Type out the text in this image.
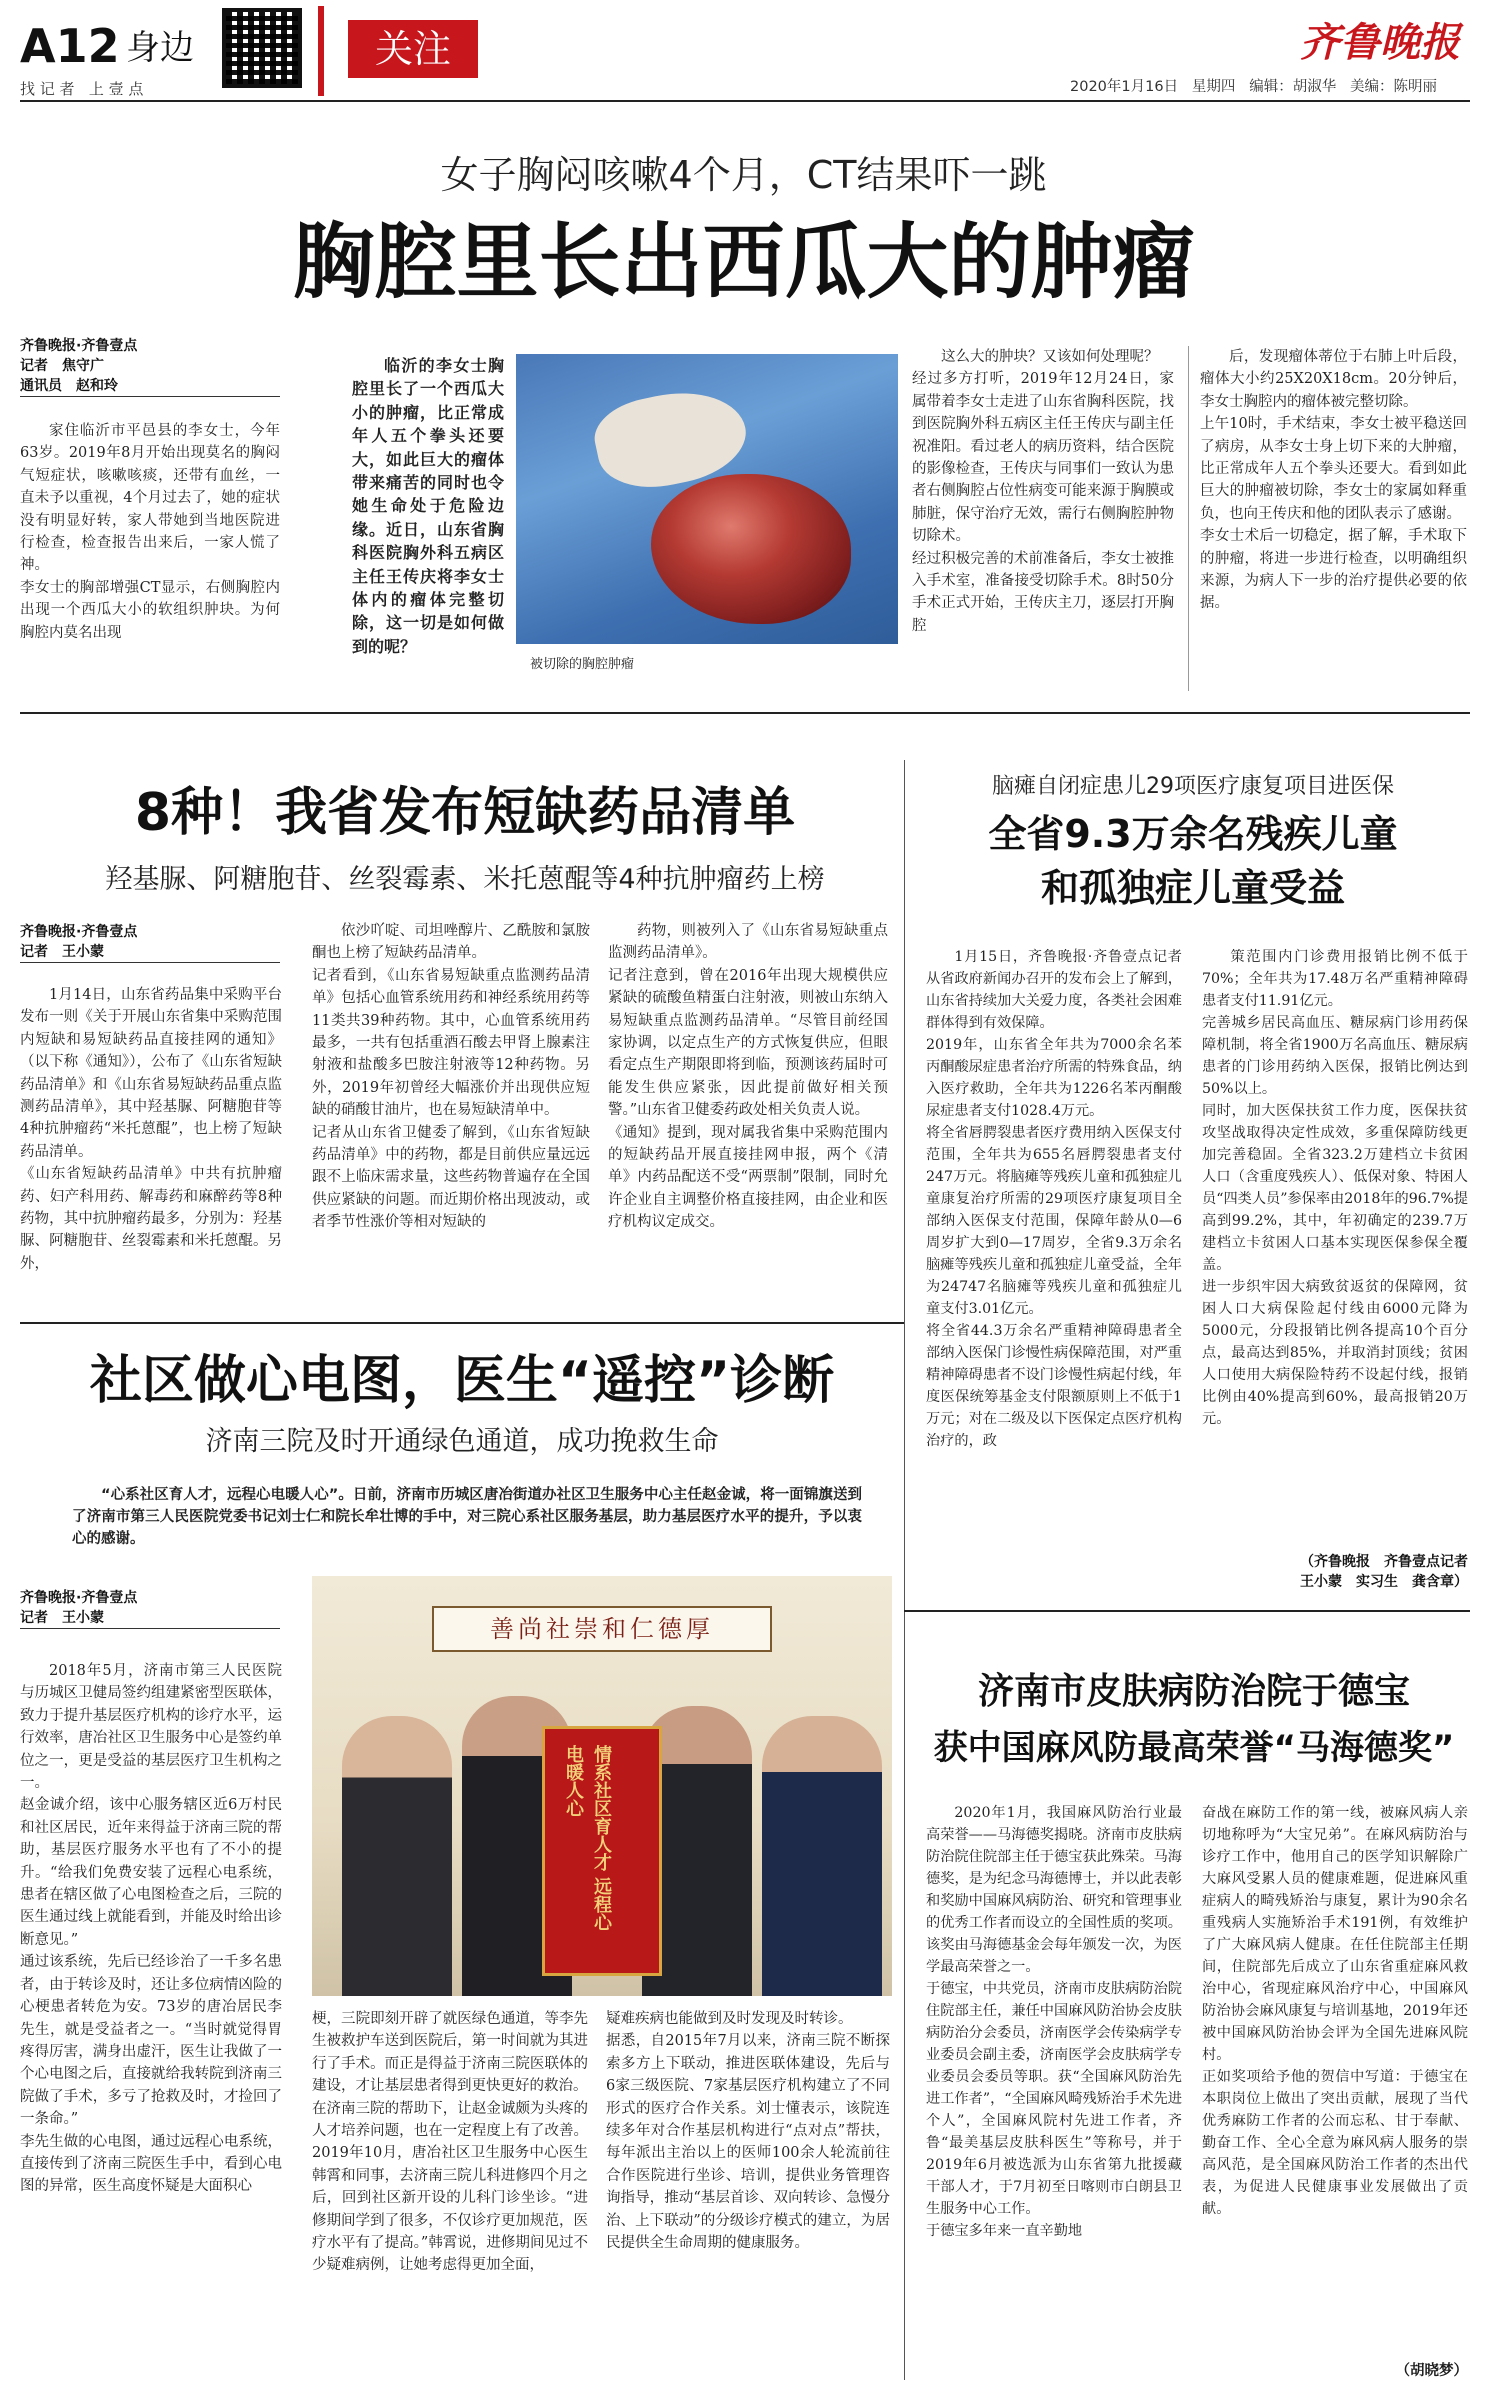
A12 身边
找 记 者   上 壹 点
关注	齐鲁晚报
2020年1月16日   星期四   编辑：胡淑华   美编：陈明丽
女子胸闷咳嗽4个月，CT结果吓一跳
胸腔里长出西瓜大的肿瘤
齐鲁晚报·齐鲁壹点
记者　焦守广
通讯员　赵和玲
家住临沂市平邑县的李女士，今年63岁。2019年8月开始出现莫名的胸闷气短症状，咳嗽咳痰，还带有血丝，一直未予以重视，4个月过去了，她的症状没有明显好转，家人带她到当地医院进行检查，检查报告出来后，一家人慌了神。
李女士的胸部增强CT显示，右侧胸腔内出现一个西瓜大小的软组织肿块。为何胸腔内莫名出现
临沂的李女士胸腔里长了一个西瓜大小的肿瘤，比正常成年人五个拳头还要大，如此巨大的瘤体带来痛苦的同时也令她生命处于危险边缘。近日，山东省胸科医院胸外科五病区主任王传庆将李女士体内的瘤体完整切除，这一切是如何做到的呢？
被切除的胸腔肿瘤
这么大的肿块？又该如何处理呢？
经过多方打听，2019年12月24日，家属带着李女士走进了山东省胸科医院，找到医院胸外科五病区主任王传庆与副主任祝准阳。看过老人的病历资料，结合医院的影像检查，王传庆与同事们一致认为患者右侧胸腔占位性病变可能来源于胸膜或肺脏，保守治疗无效，需行右侧胸腔肿物切除术。
经过积极完善的术前准备后，李女士被推入手术室，准备接受切除手术。8时50分手术正式开始，王传庆主刀，逐层打开胸腔
后，发现瘤体蒂位于右肺上叶后段，瘤体大小约25X20X18cm。20分钟后，李女士胸腔内的瘤体被完整切除。
上午10时，手术结束，李女士被平稳送回了病房，从李女士身上切下来的大肿瘤，比正常成年人五个拳头还要大。看到如此巨大的肿瘤被切除，李女士的家属如释重负，也向王传庆和他的团队表示了感谢。
李女士术后一切稳定，据了解，手术取下的肿瘤，将进一步进行检查，以明确组织来源，为病人下一步的治疗提供必要的依据。
8种！我省发布短缺药品清单
羟基脲、阿糖胞苷、丝裂霉素、米托蒽醌等4种抗肿瘤药上榜
齐鲁晚报·齐鲁壹点
记者　王小蒙
1月14日，山东省药品集中采购平台发布一则《关于开展山东省集中采购范围内短缺和易短缺药品直接挂网的通知》（以下称《通知》），公布了《山东省短缺药品清单》和《山东省易短缺药品重点监测药品清单》，其中羟基脲、阿糖胞苷等4种抗肿瘤药“米托蒽醌”，也上榜了短缺药品清单。
《山东省短缺药品清单》中共有抗肿瘤药、妇产科用药、解毒药和麻醉药等8种药物，其中抗肿瘤药最多，分别为：羟基脲、阿糖胞苷、丝裂霉素和米托蒽醌。另外，
依沙吖啶、司坦唑醇片、乙酰胺和氯胺酮也上榜了短缺药品清单。
记者看到，《山东省易短缺重点监测药品清单》包括心血管系统用药和神经系统用药等11类共39种药物。其中，心血管系统用药最多，一共有包括重酒石酸去甲肾上腺素注射液和盐酸多巴胺注射液等12种药物。另外，2019年初曾经大幅涨价并出现供应短缺的硝酸甘油片，也在易短缺清单中。
记者从山东省卫健委了解到，《山东省短缺药品清单》中的药物，都是目前供应量远远跟不上临床需求量，这些药物普遍存在全国供应紧缺的问题。而近期价格出现波动，或者季节性涨价等相对短缺的
药物，则被列入了《山东省易短缺重点监测药品清单》。
记者注意到，曾在2016年出现大规模供应紧缺的硫酸鱼精蛋白注射液，则被山东纳入易短缺重点监测药品清单。“尽管目前经国家协调，以定点生产的方式恢复供应，但眼看定点生产期限即将到临，预测该药届时可能发生供应紧张，因此提前做好相关预警。”山东省卫健委药政处相关负责人说。
《通知》提到，现对属我省集中采购范围内的短缺药品开展直接挂网申报，两个《清单》内药品配送不受“两票制”限制，同时允许企业自主调整价格直接挂网，由企业和医疗机构议定成交。
脑瘫自闭症患儿29项医疗康复项目进医保
全省9.3万余名残疾儿童
和孤独症儿童受益
1月15日，齐鲁晚报·齐鲁壹点记者从省政府新闻办召开的发布会上了解到，山东省持续加大关爱力度，各类社会困难群体得到有效保障。
2019年，山东省全年共为7000余名苯丙酮酸尿症患者治疗所需的特殊食品，纳入医疗救助，全年共为1226名苯丙酮酸尿症患者支付1028.4万元。
将全省唇腭裂患者医疗费用纳入医保支付范围，全年共为655名唇腭裂患者支付247万元。将脑瘫等残疾儿童和孤独症儿童康复治疗所需的29项医疗康复项目全部纳入医保支付范围，保障年龄从0—6周岁扩大到0—17周岁，全省9.3万余名脑瘫等残疾儿童和孤独症儿童受益，全年为24747名脑瘫等残疾儿童和孤独症儿童支付3.01亿元。
将全省44.3万余名严重精神障碍患者全部纳入医保门诊慢性病保障范围，对严重精神障碍患者不设门诊慢性病起付线，年度医保统筹基金支付限额原则上不低于1万元；对在二级及以下医保定点医疗机构治疗的，政
策范围内门诊费用报销比例不低于70%；全年共为17.48万名严重精神障碍患者支付11.91亿元。
完善城乡居民高血压、糖尿病门诊用药保障机制，将全省1900万名高血压、糖尿病患者的门诊用药纳入医保，报销比例达到50%以上。
同时，加大医保扶贫工作力度，医保扶贫攻坚战取得决定性成效，多重保障防线更加完善稳固。全省323.2万建档立卡贫困人口（含重度残疾人）、低保对象、特困人员“四类人员”参保率由2018年的96.7%提高到99.2%，其中，年初确定的239.7万建档立卡贫困人口基本实现医保参保全覆盖。
进一步织牢因大病致贫返贫的保障网，贫困人口大病保险起付线由6000元降为5000元，分段报销比例各提高10个百分点，最高达到85%，并取消封顶线；贫困人口使用大病保险特药不设起付线，报销比例由40%提高到60%，最高报销20万元。
（齐鲁晚报　齐鲁壹点记者
王小蒙　实习生　龚含章）
社区做心电图，医生“遥控”诊断
济南三院及时开通绿色通道，成功挽救生命
“心系社区育人才，远程心电暖人心”。日前，济南市历城区唐冶街道办社区卫生服务中心主任赵金诚，将一面锦旗送到了济南市第三人民医院党委书记刘士仁和院长牟壮博的手中，对三院心系社区服务基层，助力基层医疗水平的提升，予以衷心的感谢。
齐鲁晚报·齐鲁壹点
记者　王小蒙
2018年5月，济南市第三人民医院与历城区卫健局签约组建紧密型医联体，致力于提升基层医疗机构的诊疗水平，运行效率，唐冶社区卫生服务中心是签约单位之一，更是受益的基层医疗卫生机构之一。
赵金诚介绍，该中心服务辖区近6万村民和社区居民，近年来得益于济南三院的帮助，基层医疗服务水平也有了不小的提升。“给我们免费安装了远程心电系统，患者在辖区做了心电图检查之后，三院的医生通过线上就能看到，并能及时给出诊断意见。”
通过该系统，先后已经诊治了一千多名患者，由于转诊及时，还让多位病情凶险的心梗患者转危为安。73岁的唐冶居民李先生，就是受益者之一。“当时就觉得胃疼得厉害，满身出虚汗，医生让我做了一个心电图之后，直接就给我转院到济南三院做了手术，多亏了抢救及时，才捡回了一条命。”
李先生做的心电图，通过远程心电系统，直接传到了济南三院医生手中，看到心电图的异常，医生高度怀疑是大面积心
善尚社崇和仁德厚
情系社区育人才 远程心电暖人心
梗，三院即刻开辟了就医绿色通道，等李先生被救护车送到医院后，第一时间就为其进行了手术。而正是得益于济南三院医联体的建设，才让基层患者得到更快更好的救治。
在济南三院的帮助下，让赵金诚颇为头疼的人才培养问题，也在一定程度上有了改善。2019年10月，唐冶社区卫生服务中心医生韩霄和同事，去济南三院儿科进修四个月之后，回到社区新开设的儿科门诊坐诊。“进修期间学到了很多，不仅诊疗更加规范，医疗水平有了提高。”韩霄说，进修期间见过不少疑难病例，让她考虑得更加全面，
疑难疾病也能做到及时发现及时转诊。
据悉，自2015年7月以来，济南三院不断探索多方上下联动，推进医联体建设，先后与6家三级医院、7家基层医疗机构建立了不同形式的医疗合作关系。刘士懂表示，该院连续多年对合作基层机构进行“点对点”帮扶，每年派出主治以上的医师100余人轮流前往合作医院进行坐诊、培训，提供业务管理咨询指导，推动“基层首诊、双向转诊、急慢分治、上下联动”的分级诊疗模式的建立，为居民提供全生命周期的健康服务。
济南市皮肤病防治院于德宝
获中国麻风防最高荣誉“马海德奖”
2020年1月，我国麻风防治行业最高荣誉——马海德奖揭晓。济南市皮肤病防治院住院部主任于德宝获此殊荣。马海德奖，是为纪念马海德博士，并以此表彰和奖励中国麻风病防治、研究和管理事业的优秀工作者而设立的全国性质的奖项。该奖由马海德基金会每年颁发一次，为医学最高荣誉之一。
于德宝，中共党员，济南市皮肤病防治院住院部主任，兼任中国麻风防治协会皮肤病防治分会委员，济南医学会传染病学专业委员会副主委，济南医学会皮肤病学专业委员会委员等职。获“全国麻风防治先进工作者”，“全国麻风畸残矫治手术先进个人”，全国麻风院村先进工作者，齐鲁“最美基层皮肤科医生”等称号，并于2019年6月被选派为山东省第九批援藏干部人才，于7月初至日喀则市白朗县卫生服务中心工作。
于德宝多年来一直辛勤地
奋战在麻防工作的第一线，被麻风病人亲切地称呼为“大宝兄弟”。在麻风病防治与诊疗工作中，他用自己的医学知识解除广大麻风受累人员的健康难题，促进麻风重症病人的畸残矫治与康复，累计为90余名重残病人实施矫治手术191例，有效维护了广大麻风病人健康。在任住院部主任期间，住院部先后成立了山东省重症麻风救治中心，省现症麻风治疗中心，中国麻风防治协会麻风康复与培训基地，2019年还被中国麻风防治协会评为全国先进麻风院村。
正如奖项给予他的贺信中写道：于德宝在本职岗位上做出了突出贡献，展现了当代优秀麻防工作者的公而忘私、甘于奉献、勤奋工作、全心全意为麻风病人服务的崇高风范，是全国麻风防治工作者的杰出代表，为促进人民健康事业发展做出了贡献。
（胡晓梦）
